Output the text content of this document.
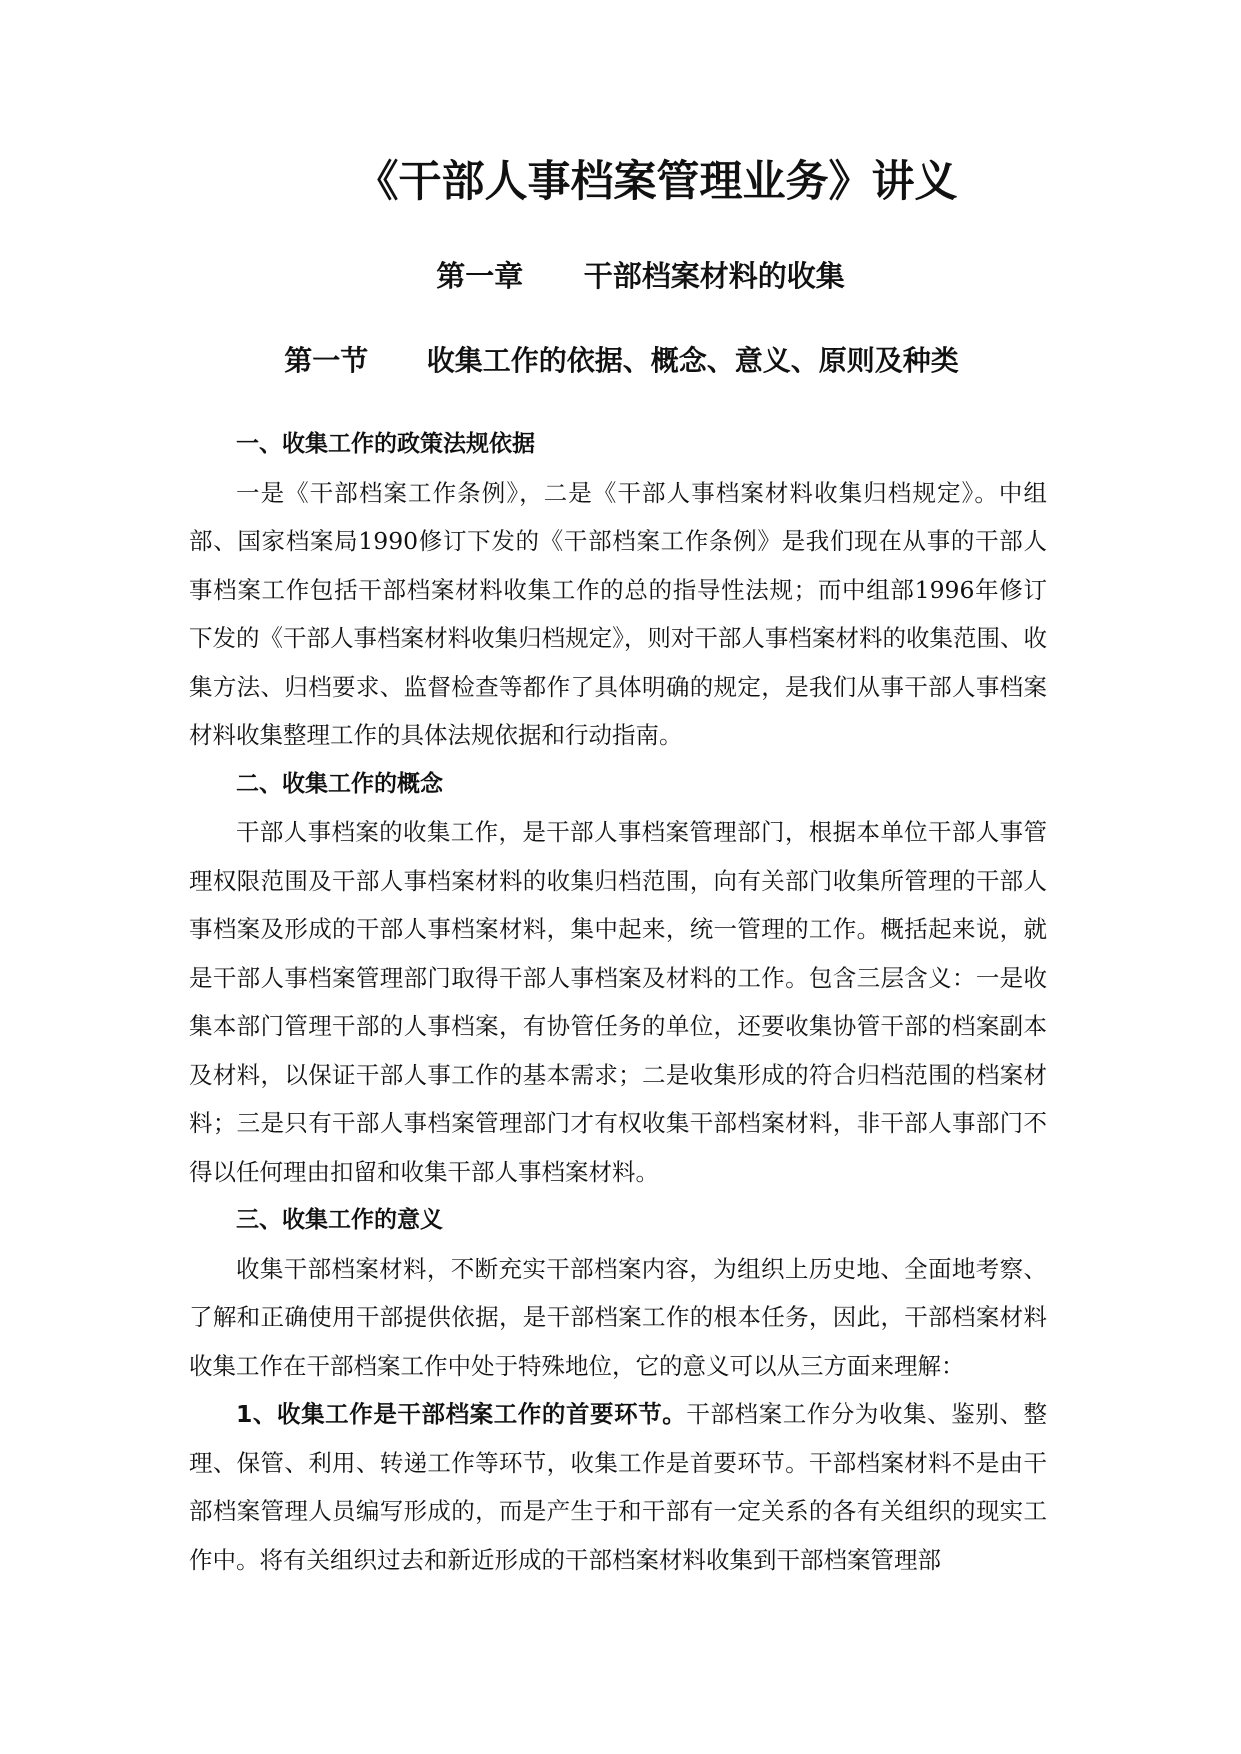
《干部人事档案管理业务》讲义
第一章      干部档案材料的收集
第一节      收集工作的依据、概念、意义、原则及种类
一、收集工作的政策法规依据

一是《干部档案工作条例》，二是《干部人事档案材料收集归档规定》。中组部、国家档案局1990修订下发的《干部档案工作条例》是我们现在从事的干部人事档案工作包括干部档案材料收集工作的总的指导性法规；而中组部1996年修订下发的《干部人事档案材料收集归档规定》，则对干部人事档案材料的收集范围、收集方法、归档要求、监督检查等都作了具体明确的规定，是我们从事干部人事档案材料收集整理工作的具体法规依据和行动指南。

二、收集工作的概念

干部人事档案的收集工作，是干部人事档案管理部门，根据本单位干部人事管理权限范围及干部人事档案材料的收集归档范围，向有关部门收集所管理的干部人事档案及形成的干部人事档案材料，集中起来，统一管理的工作。概括起来说，就是干部人事档案管理部门取得干部人事档案及材料的工作。包含三层含义：一是收集本部门管理干部的人事档案，有协管任务的单位，还要收集协管干部的档案副本及材料，以保证干部人事工作的基本需求；二是收集形成的符合归档范围的档案材料；三是只有干部人事档案管理部门才有权收集干部档案材料，非干部人事部门不得以任何理由扣留和收集干部人事档案材料。

三、收集工作的意义

收集干部档案材料，不断充实干部档案内容，为组织上历史地、全面地考察、了解和正确使用干部提供依据，是干部档案工作的根本任务，因此，干部档案材料收集工作在干部档案工作中处于特殊地位，它的意义可以从三方面来理解：

1、收集工作是干部档案工作的首要环节。干部档案工作分为收集、鉴别、整理、保管、利用、转递工作等环节，收集工作是首要环节。干部档案材料不是由干部档案管理人员编写形成的，而是产生于和干部有一定关系的各有关组织的现实工作中。将有关组织过去和新近形成的干部档案材料收集到干部档案管理部
